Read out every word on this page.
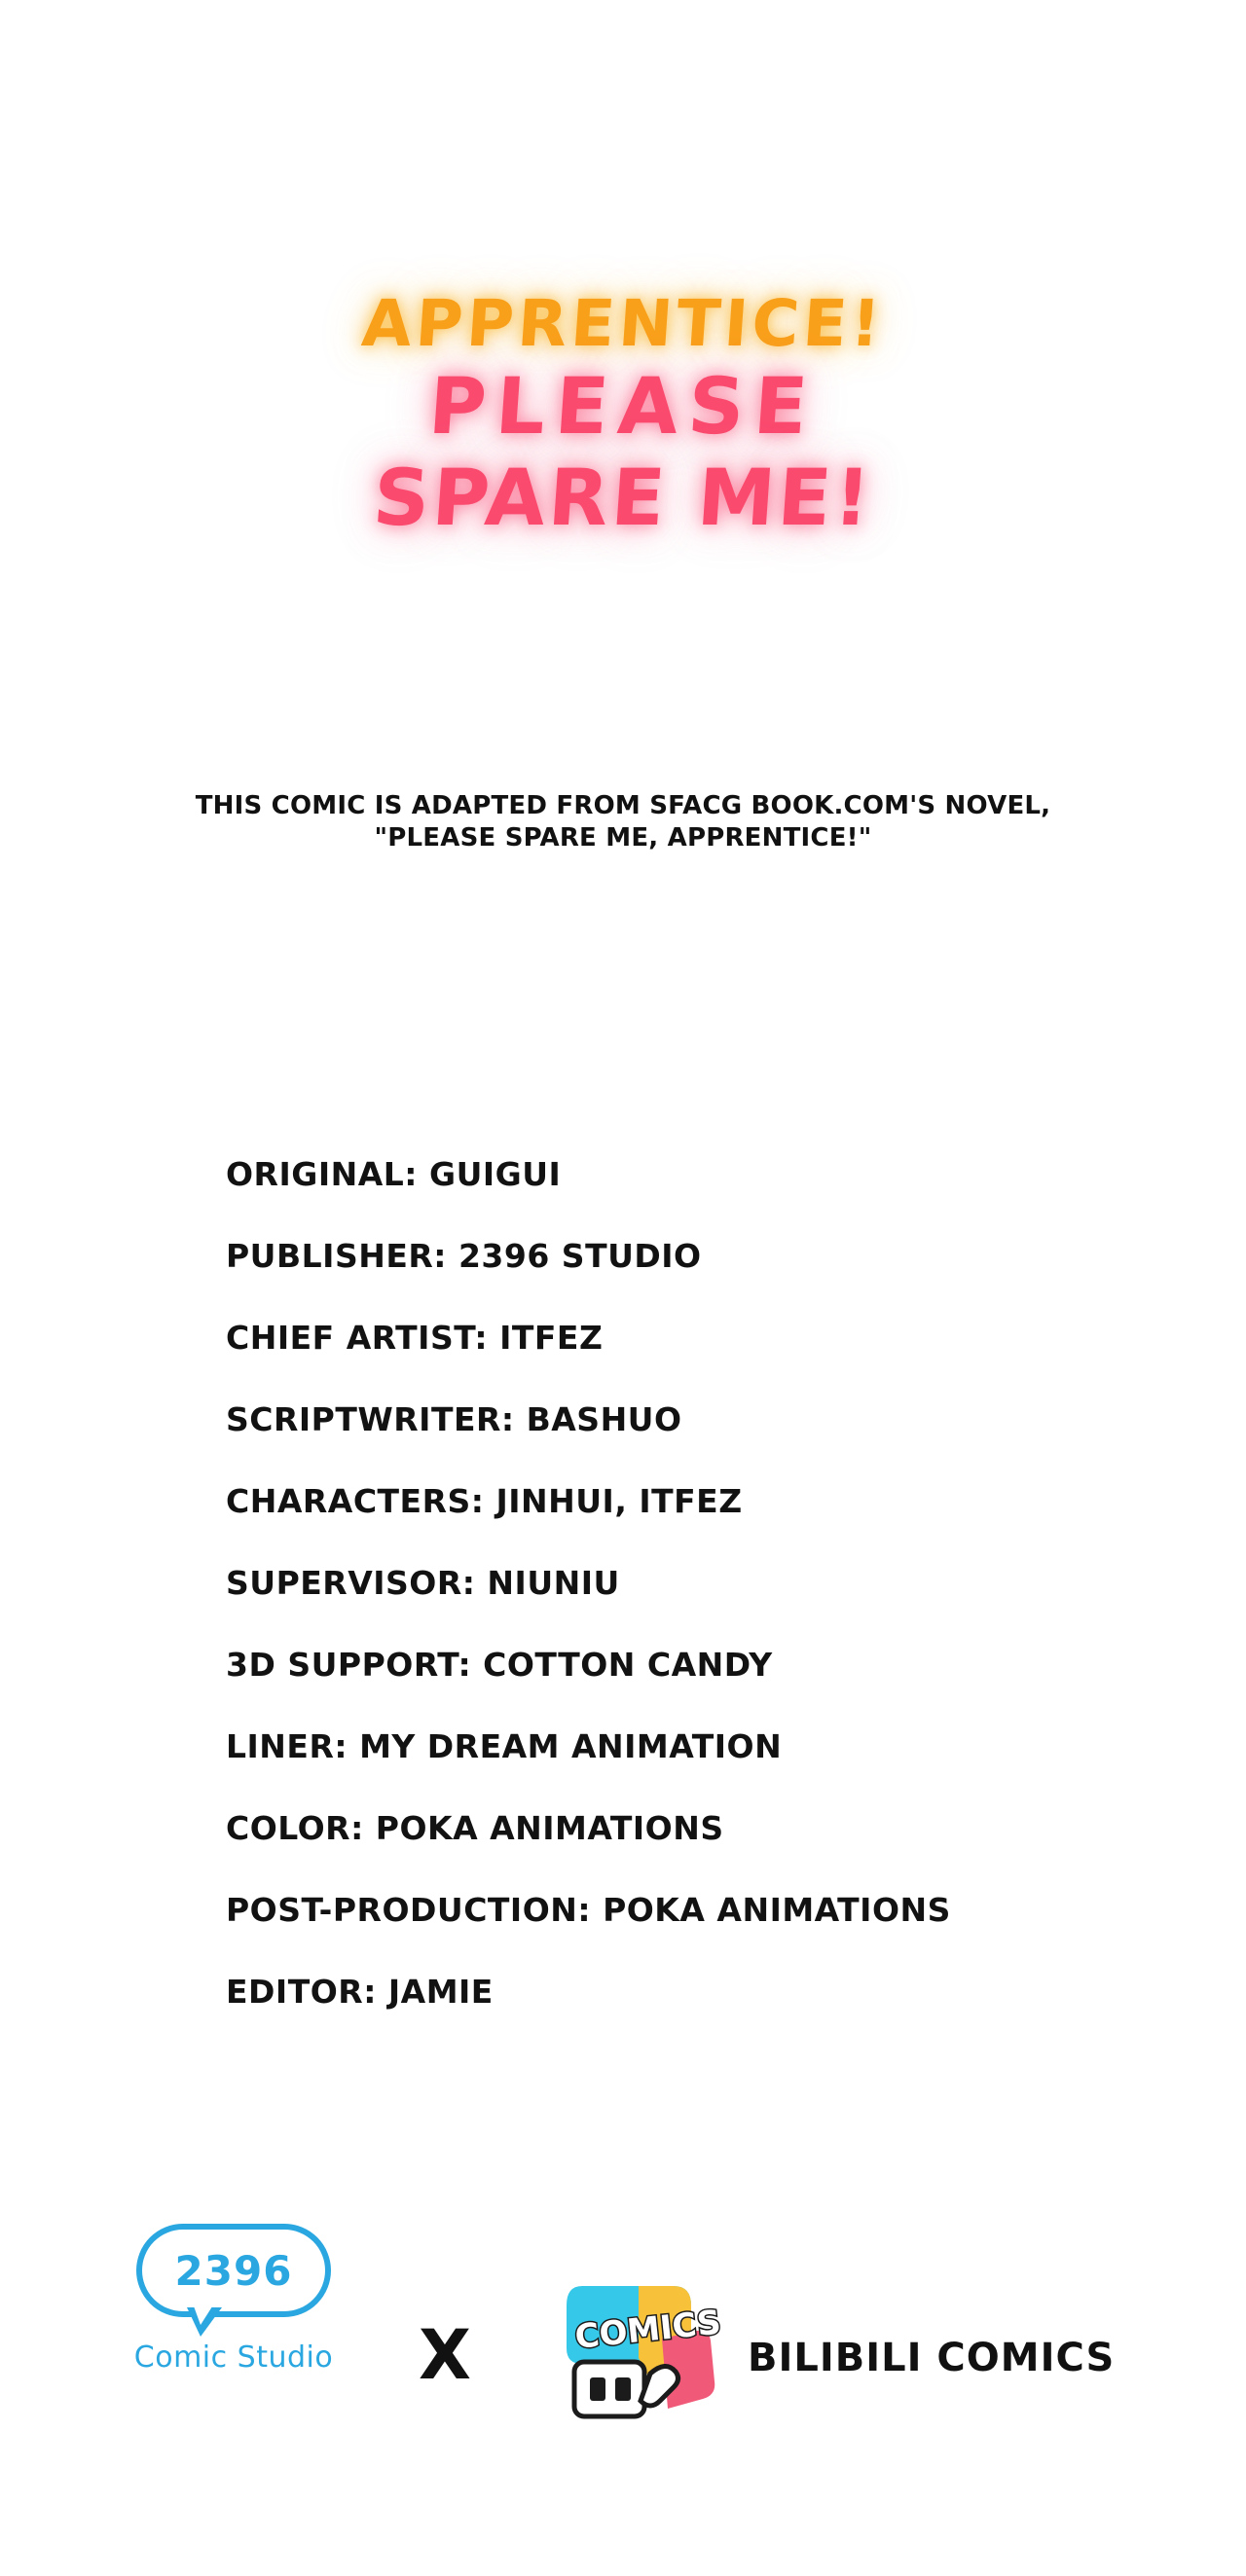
APPRENTICE!
PLEASE
SPARE ME!
THIS COMIC IS ADAPTED FROM SFACG BOOK.COM'S NOVEL,
"PLEASE SPARE ME, APPRENTICE!"
ORIGINAL: GUIGUI
PUBLISHER: 2396 STUDIO
CHIEF ARTIST: ITFEZ
SCRIPTWRITER: BASHUO
CHARACTERS: JINHUI, ITFEZ
SUPERVISOR: NIUNIU
3D SUPPORT: COTTON CANDY
LINER: MY DREAM ANIMATION
COLOR: POKA ANIMATIONS
POST-PRODUCTION: POKA ANIMATIONS
EDITOR: JAMIE
2396
Comic Studio X	COMICS
BILIBILI COMICS
